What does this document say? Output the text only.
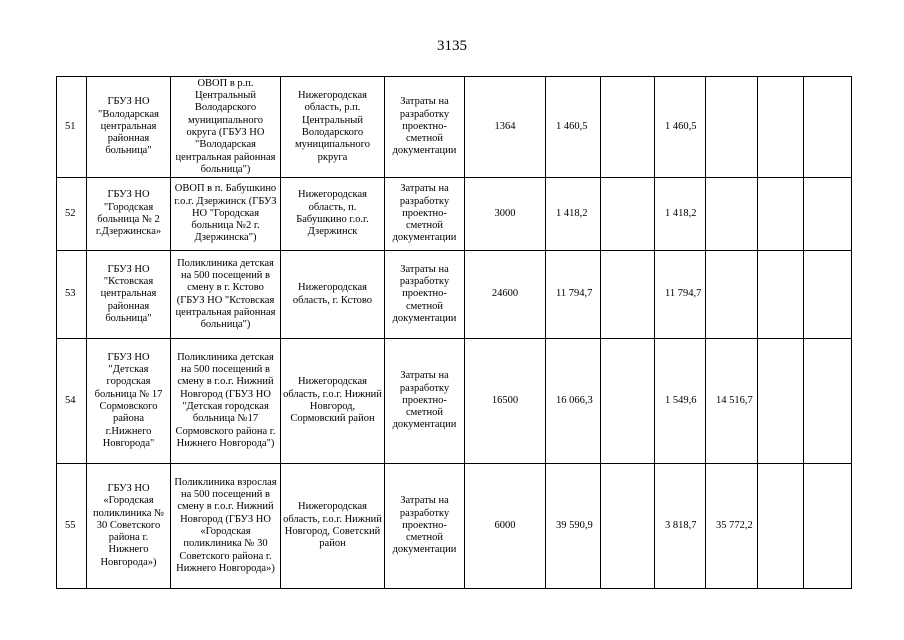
3135
51	ГБУЗ НО "Володарская центральная районная больница"	ОВОП в р.п. Центральный Володарского муниципального округа (ГБУЗ НО "Володарская центральная районная больница")	Нижегородская область, р.п. Центральный Володарского муниципального ркруга	Затраты на разработку проектно-сметной документации	1364	1 460,5		1 460,5			
52	ГБУЗ НО "Городская больница № 2 г.Дзержинска»	ОВОП в п. Бабушкино г.о.г. Дзержинск (ГБУЗ НО "Городская больница №2 г. Дзержинска")	Нижегородская область, п. Бабушкино г.о.г. Дзержинск	Затраты на разработку проектно-сметной документации	3000	1 418,2		1 418,2			
53	ГБУЗ НО "Кстовская центральная районная больница"	Поликлиника детская на 500 посещений в смену в г. Кстово (ГБУЗ НО "Кстовская центральная районная больница")	Нижегородская область, г. Кстово	Затраты на разработку проектно-сметной документации	24600	11 794,7		11 794,7			
54	ГБУЗ НО "Детская городская больница № 17 Сормовского района г.Нижнего Новгорода"	Поликлиника детская на 500 посещений в смену в г.о.г. Нижний Новгород (ГБУЗ НО "Детская городская больница №17 Сормовского района г. Нижнего Новгорода")	Нижегородская область, г.о.г. Нижний Новгород, Сормовский район	Затраты на разработку проектно-сметной документации	16500	16 066,3		1 549,6	14 516,7		
55	ГБУЗ НО «Городская поликлиника № 30 Советского района г. Нижнего Новгорода»)	Поликлиника взрослая на 500 посещений в смену в г.о.г. Нижний Новгород (ГБУЗ НО «Городская поликлиника № 30 Советского района г. Нижнего Новгорода»)	Нижегородская область, г.о.г. Нижний Новгород, Советский район	Затраты на разработку проектно-сметной документации	6000	39 590,9		3 818,7	35 772,2		
